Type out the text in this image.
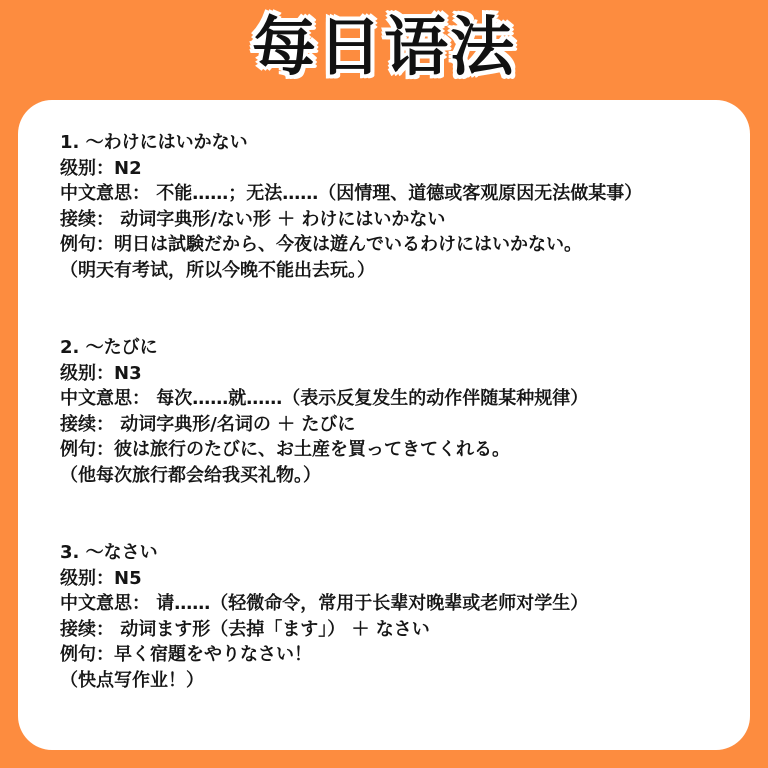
每日语法
1. ～わけにはいかない
级别：N2
中文意思： 不能……；无法……（因情理、道德或客观原因无法做某事）
接续： 动词字典形/ない形 ＋ わけにはいかない
例句：明日は試験だから、今夜は遊んでいるわけにはいかない。
（明天有考试，所以今晚不能出去玩。）
2. ～たびに
级别：N3
中文意思： 每次……就……（表示反复发生的动作伴随某种规律）
接续： 动词字典形/名词の ＋ たびに
例句：彼は旅行のたびに、お土産を買ってきてくれる。
（他每次旅行都会给我买礼物。）
3. ～なさい
级别：N5
中文意思： 请……（轻微命令，常用于长辈对晚辈或老师对学生）
接续： 动词ます形（去掉「ます」） ＋ なさい
例句：早く宿題をやりなさい！
（快点写作业！）
